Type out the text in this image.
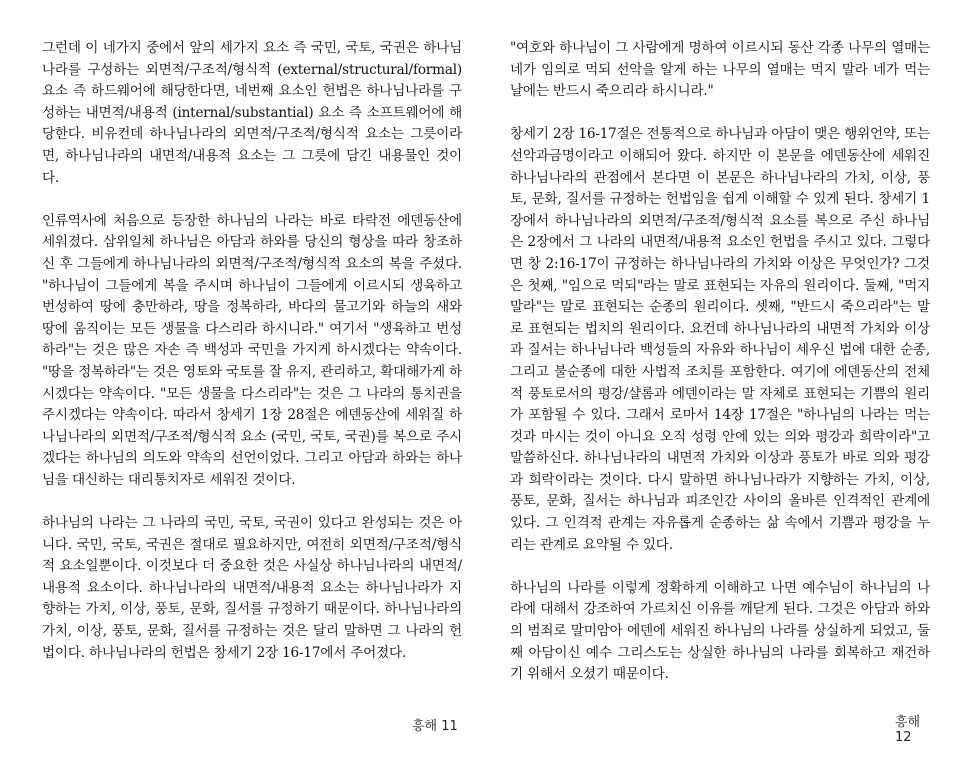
그런데 이 네가지 중에서 앞의 세가지 요소 즉 국민, 국토, 국권은 하나님나라를 구성하는 외면적/구조적/형식적 (external/structural/formal) 요소 즉 하드웨어에 해당한다면, 네번째 요소인 헌법은 하나님나라를 구성하는 내면적/내용적 (internal/substantial) 요소 즉 소프트웨어에 해당한다. 비유컨데 하나님나라의 외면적/구조적/형식적 요소는 그릇이라면, 하나님나라의 내면적/내용적 요소는 그 그릇에 담긴 내용물인 것이다.

인류역사에 처음으로 등장한 하나님의 나라는 바로 타락전 에덴동산에 세워졌다. 삼위일체 하나님은 아담과 하와를 당신의 형상을 따라 창조하신 후 그들에게 하나님나라의 외면적/구조적/형식적 요소의 복을 주셨다. "하나님이 그들에게 복을 주시며 하나님이 그들에게 이르시되 생육하고 번성하여 땅에 충만하라, 땅을 정복하라, 바다의 물고기와 하늘의 새와 땅에 움직이는 모든 생물을 다스리라 하시니라." 여기서 "생육하고 번성하라"는 것은 많은 자손 즉 백성과 국민을 가지게 하시겠다는 약속이다. "땅을 정복하라"는 것은 영토와 국토를 잘 유지, 관리하고, 확대해가게 하시겠다는 약속이다. "모든 생물을 다스리라"는 것은 그 나라의 통치권을 주시겠다는 약속이다. 따라서 창세기 1장 28절은 에덴동산에 세워질 하나님나라의 외면적/구조적/형식적 요소 (국민, 국토, 국권)를 복으로 주시겠다는 하나님의 의도와 약속의 선언이었다. 그리고 아담과 하와는 하나님을 대신하는 대리통치자로 세워진 것이다.

하나님의 나라는 그 나라의 국민, 국토, 국권이 있다고 완성되는 것은 아니다. 국민, 국토, 국권은 절대로 필요하지만, 여전히 외면적/구조적/형식적 요소일뿐이다. 이것보다 더 중요한 것은 사실상 하나님나라의 내면적/내용적 요소이다. 하나님나라의 내면적/내용적 요소는 하나님나라가 지향하는 가치, 이상, 풍토, 문화, 질서를 규정하기 때문이다. 하나님나라의 가치, 이상, 풍토, 문화, 질서를 규정하는 것은 달리 말하면 그 나라의 헌법이다. 하나님나라의 헌법은 창세기 2장 16-17에서 주어졌다.

흥해 11

"여호와 하나님이 그 사람에게 명하여 이르시되 동산 각종 나무의 열매는 네가 임의로 먹되 선악을 알게 하는 나무의 열매는 먹지 말라 네가 먹는 날에는 반드시 죽으리라 하시니라."

창세기 2장 16-17절은 전통적으로 하나님과 아담이 맺은 행위언약, 또는 선악과금명이라고 이해되어 왔다. 하지만 이 본문을 에덴동산에 세워진 하나님나라의 관점에서 본다면 이 본문은 하나님나라의 가치, 이상, 풍토, 문화, 질서를 규정하는 헌법임을 쉽게 이해할 수 있게 된다. 창세기 1장에서 하나님나라의 외면적/구조적/형식적 요소를 복으로 주신 하나님은 2장에서 그 나라의 내면적/내용적 요소인 헌법을 주시고 있다. 그렇다면 창 2:16-17이 규정하는 하나님나라의 가치와 이상은 무엇인가? 그것은 첫째, "임으로 먹되"라는 말로 표현되는 자유의 원리이다. 둘째, "먹지 말라"는 말로 표현되는 순종의 원리이다. 셋째, "반드시 죽으리라"는 말로 표현되는 법치의 원리이다. 요컨데 하나님나라의 내면적 가치와 이상과 질서는 하나님나라 백성들의 자유와 하나님이 세우신 법에 대한 순종, 그리고 불순종에 대한 사법적 조치를 포함한다. 여기에 에덴동산의 전체적 풍토로서의 평강/샬롬과 에덴이라는 말 자체로 표현되는 기쁨의 원리가 포함될 수 있다. 그래서 로마서 14장 17절은 "하나님의 나라는 먹는 것과 마시는 것이 아니요 오직 성령 안에 있는 의와 평강과 희락이라"고 말씀하신다. 하나님나라의 내면적 가치와 이상과 풍토가 바로 의와 평강과 희락이라는 것이다. 다시 말하면 하나님나라가 지향하는 가치, 이상, 풍토, 문화, 질서는 하나님과 피조인간 사이의 올바른 인격적인 관계에 있다. 그 인격적 관계는 자유롭게 순종하는 삶 속에서 기쁨과 평강을 누리는 관계로 요약될 수 있다.

하나님의 나라를 이렇게 정확하게 이해하고 나면 예수님이 하나님의 나라에 대해서 강조하여 가르치신 이유를 깨닫게 된다. 그것은 아담과 하와의 범죄로 말미암아 에덴에 세워진 하나님의 나라를 상실하게 되었고, 둘째 아담이신 예수 그리스도는 상실한 하나님의 나라를 회복하고 재건하기 위해서 오셨기 때문이다.

흥해 12
